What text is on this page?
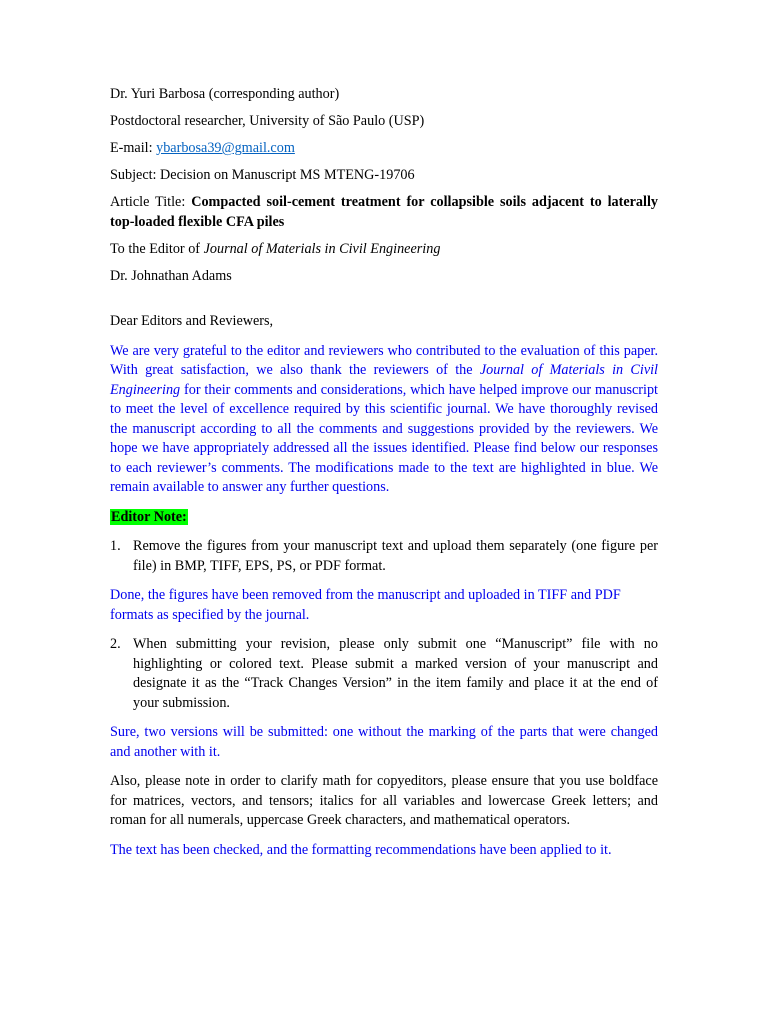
Dr. Yuri Barbosa (corresponding author)

Postdoctoral researcher, University of São Paulo (USP)

E-mail: ybarbosa39@gmail.com

Subject: Decision on Manuscript MS MTENG-19706

Article Title: Compacted soil-cement treatment for collapsible soils adjacent to laterally top-loaded flexible CFA piles

To the Editor of Journal of Materials in Civil Engineering

Dr. Johnathan Adams

Dear Editors and Reviewers,

We are very grateful to the editor and reviewers who contributed to the evaluation of this paper. With great satisfaction, we also thank the reviewers of the Journal of Materials in Civil Engineering for their comments and considerations, which have helped improve our manuscript to meet the level of excellence required by this scientific journal. We have thoroughly revised the manuscript according to all the comments and suggestions provided by the reviewers. We hope we have appropriately addressed all the issues identified. Please find below our responses to each reviewer’s comments. The modifications made to the text are highlighted in blue. We remain available to answer any further questions.

Editor Note:

1. Remove the figures from your manuscript text and upload them separately (one figure per file) in BMP, TIFF, EPS, PS, or PDF format.

Done, the figures have been removed from the manuscript and uploaded in TIFF and PDF formats as specified by the journal.

2. When submitting your revision, please only submit one “Manuscript” file with no highlighting or colored text. Please submit a marked version of your manuscript and designate it as the “Track Changes Version” in the item family and place it at the end of your submission.

Sure, two versions will be submitted: one without the marking of the parts that were changed and another with it.

Also, please note in order to clarify math for copyeditors, please ensure that you use boldface for matrices, vectors, and tensors; italics for all variables and lowercase Greek letters; and roman for all numerals, uppercase Greek characters, and mathematical operators.

The text has been checked, and the formatting recommendations have been applied to it.
